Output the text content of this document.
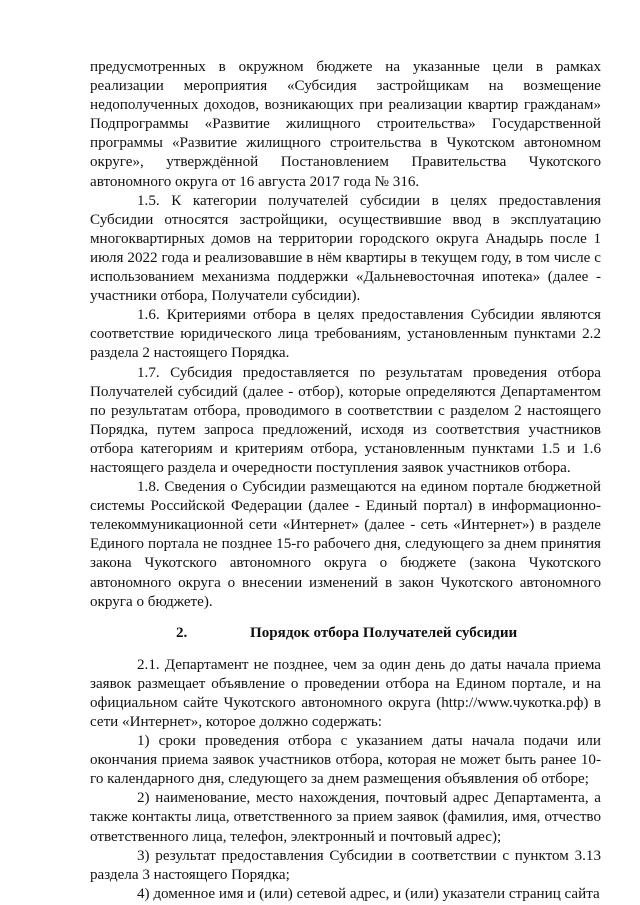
предусмотренных в окружном бюджете на указанные цели в рамках реализации мероприятия «Субсидия застройщикам на возмещение недополученных доходов, возникающих при реализации квартир гражданам» Подпрограммы «Развитие жилищного строительства» Государственной программы «Развитие жилищного строительства в Чукотском автономном округе», утверждённой Постановлением Правительства Чукотского автономного округа от 16 августа 2017 года № 316.

1.5. К категории получателей субсидии в целях предоставления Субсидии относятся застройщики, осуществившие ввод в эксплуатацию многоквартирных домов на территории городского округа Анадырь после 1 июля 2022 года и реализовавшие в нём квартиры в текущем году, в том числе с использованием механизма поддержки «Дальневосточная ипотека» (далее - участники отбора, Получатели субсидии).

1.6. Критериями отбора в целях предоставления Субсидии являются соответствие юридического лица требованиям, установленным пунктами 2.2 раздела 2 настоящего Порядка.

1.7. Субсидия предоставляется по результатам проведения отбора Получателей субсидий (далее - отбор), которые определяются Департаментом по результатам отбора, проводимого в соответствии с разделом 2 настоящего Порядка, путем запроса предложений, исходя из соответствия участников отбора категориям и критериям отбора, установленным пунктами 1.5 и 1.6 настоящего раздела и очередности поступления заявок участников отбора.

1.8. Сведения о Субсидии размещаются на едином портале бюджетной системы Российской Федерации (далее - Единый портал) в информационно-телекоммуникационной сети «Интернет» (далее - сеть «Интернет») в разделе Единого портала не позднее 15-го рабочего дня, следующего за днем принятия закона Чукотского автономного округа о бюджете (закона Чукотского автономного округа о внесении изменений в закон Чукотского автономного округа о бюджете).

2.	Порядок отбора Получателей субсидии

2.1. Департамент не позднее, чем за один день до даты начала приема заявок размещает объявление о проведении отбора на Едином портале, и на официальном сайте Чукотского автономного округа (http://www.чукотка.рф) в сети «Интернет», которое должно содержать:

1) сроки проведения отбора с указанием даты начала подачи или окончания приема заявок участников отбора, которая не может быть ранее 10-го календарного дня, следующего за днем размещения объявления об отборе;

2) наименование, место нахождения, почтовый адрес Департамента, а также контакты лица, ответственного за прием заявок (фамилия, имя, отчество ответственного лица, телефон, электронный и почтовый адрес);

3) результат предоставления Субсидии в соответствии с пунктом 3.13 раздела 3 настоящего Порядка;

4) доменное имя и (или) сетевой адрес, и (или) указатели страниц сайта
